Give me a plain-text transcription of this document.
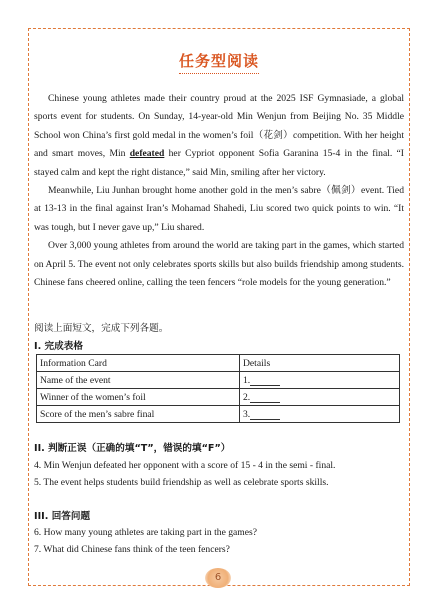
任务型阅读

Chinese young athletes made their country proud at the 2025 ISF Gymnasiade, a global sports event for students. On Sunday, 14-year-old Min Wenjun from Beijing No. 35 Middle School won China’s first gold medal in the women’s foil（花剑）competition. With her height and smart moves, Min defeated her Cypriot opponent Sofia Garanina 15-4 in the final. “I stayed calm and kept the right distance,” said Min, smiling after her victory.

Meanwhile, Liu Junhan brought home another gold in the men’s sabre（佩剑）event. Tied at 13-13 in the final against Iran’s Mohamad Shahedi, Liu scored two quick points to win. “It was tough, but I never gave up,” Liu shared.

Over 3,000 young athletes from around the world are taking part in the games, which started on April 5. The event not only celebrates sports skills but also builds friendship among students. Chinese fans cheered online, calling the teen fencers “role models for the young generation.”

阅读上面短文，完成下列各题。
I. 完成表格
Information Card	Details
Name of the event	1.
Winner of the women’s foil	2.
Score of the men’s sabre final	3.
II. 判断正误（正确的填“T”，错误的填“F”）
4. Min Wenjun defeated her opponent with a score of 15 - 4 in the semi - final.
5. The event helps students build friendship as well as celebrate sports skills.
III. 回答问题
6. How many young athletes are taking part in the games?
7. What did Chinese fans think of the teen fencers?
6
